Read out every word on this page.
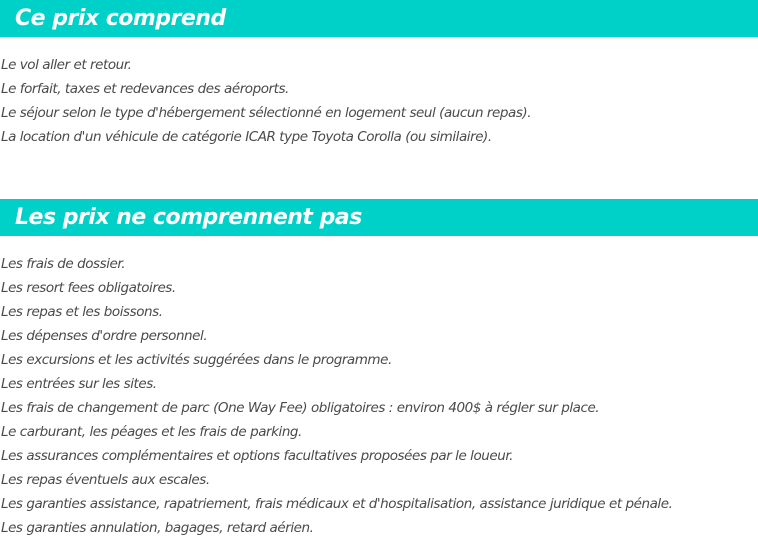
Ce prix comprend
Le vol aller et retour.
Le forfait, taxes et redevances des aéroports.
Le séjour selon le type d'hébergement sélectionné en logement seul (aucun repas).
La location d'un véhicule de catégorie ICAR type Toyota Corolla (ou similaire).
Les prix ne comprennent pas
Les frais de dossier.
Les resort fees obligatoires.
Les repas et les boissons.
Les dépenses d'ordre personnel.
Les excursions et les activités suggérées dans le programme.
Les entrées sur les sites.
Les frais de changement de parc (One Way Fee) obligatoires : environ 400$ à régler sur place.
Le carburant, les péages et les frais de parking.
Les assurances complémentaires et options facultatives proposées par le loueur.
Les repas éventuels aux escales.
Les garanties assistance, rapatriement, frais médicaux et d'hospitalisation, assistance juridique et pénale.
Les garanties annulation, bagages, retard aérien.
